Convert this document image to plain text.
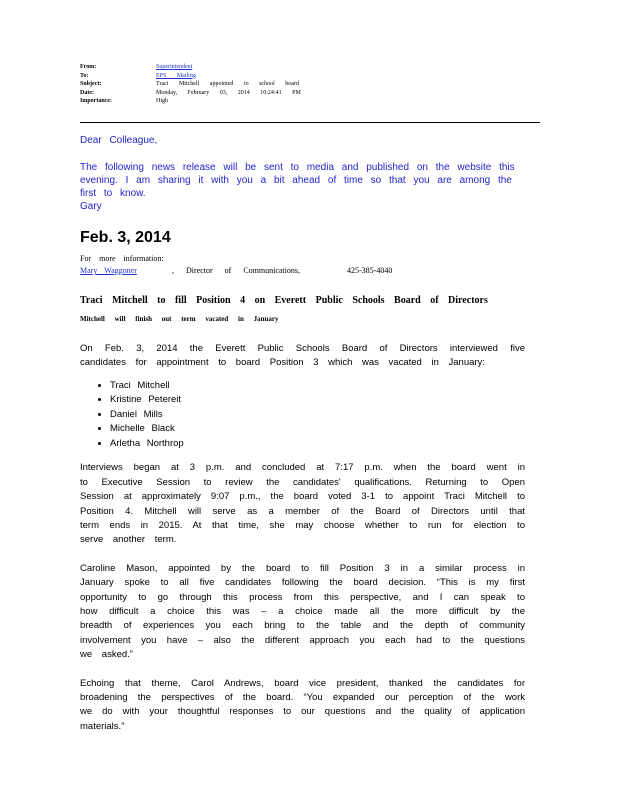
From:	Superintendent
To:	EPS Mailing
Subject:	Traci Mitchell appointed to school board
Date:	Monday, February 03, 2014 10:24:41 PM
Importance:	High

Dear Colleague,

The following news release will be sent to media and published on the website this evening. I am sharing it with you a bit ahead of time so that you are among the first to know.

Gary

Feb. 3, 2014
For more information:
Mary Waggoner	, Director of Communications,	425-385-4040
Traci Mitchell to fill Position 4 on Everett Public Schools Board of Directors
Mitchell will finish out term vacated in January

On Feb. 3, 2014 the Everett Public Schools Board of Directors interviewed five candidates for appointment to board Position 3 which was vacated in January:

• Traci Mitchell
• Kristine Petereit
• Daniel Mills
• Michelle Black
• Arletha Northrop

Interviews began at 3 p.m. and concluded at 7:17 p.m. when the board went in to Executive Session to review the candidates' qualifications. Returning to Open Session at approximately 9:07 p.m., the board voted 3-1 to appoint Traci Mitchell to Position 4. Mitchell will serve as a member of the Board of Directors until that term ends in 2015. At that time, she may choose whether to run for election to serve another term.

Caroline Mason, appointed by the board to fill Position 3 in a similar process in January spoke to all five candidates following the board decision. “This is my first opportunity to go through this process from this perspective, and I can speak to how difficult a choice this was – a choice made all the more difficult by the breadth of experiences you each bring to the table and the depth of community involvement you have – also the different approach you each had to the questions we asked.”

Echoing that theme, Carol Andrews, board vice president, thanked the candidates for broadening the perspectives of the board. “You expanded our perception of the work we do with your thoughtful responses to our questions and the quality of application materials.”
